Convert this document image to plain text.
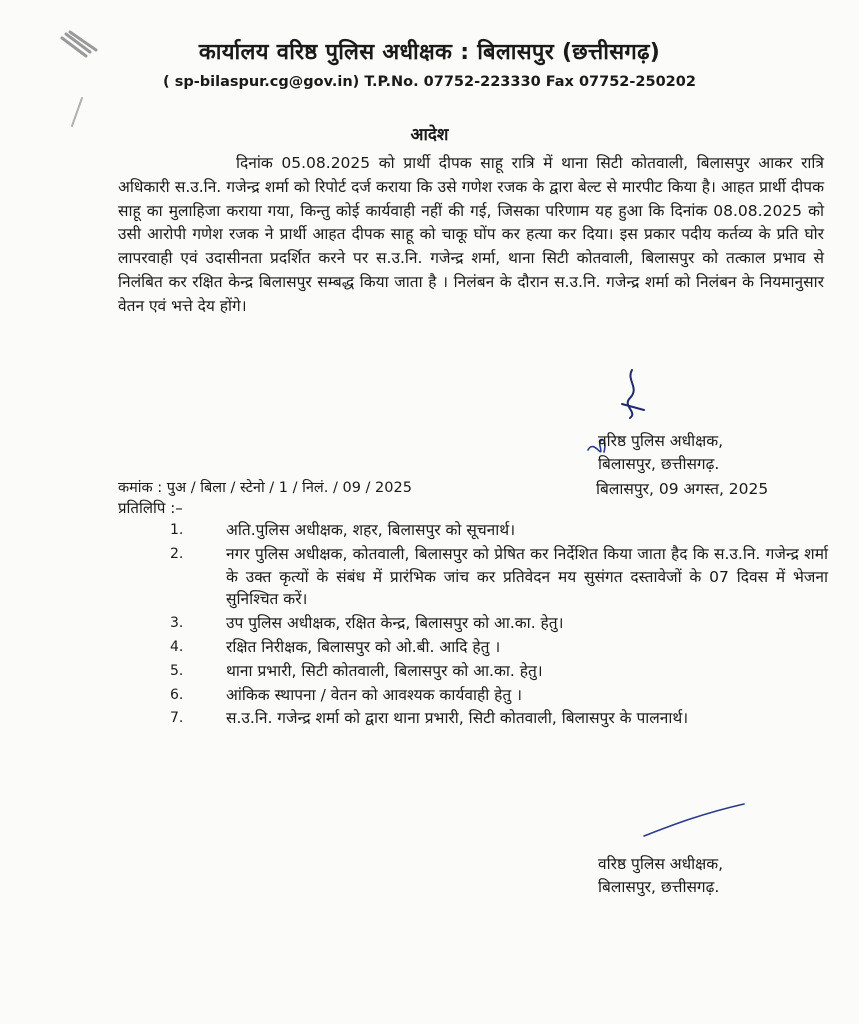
कार्यालय वरिष्ठ पुलिस अधीक्षक : बिलासपुर (छत्तीसगढ़)
( sp-bilaspur.cg@gov.in) T.P.No. 07752-223330 Fax 07752-250202
आदेश
दिनांक 05.08.2025 को प्रार्थी दीपक साहू रात्रि में थाना सिटी कोतवाली, बिलासपुर आकर रात्रि अधिकारी स.उ.नि. गजेन्द्र शर्मा को रिपोर्ट दर्ज कराया कि उसे गणेश रजक के द्वारा बेल्ट से मारपीट किया है। आहत प्रार्थी दीपक साहू का मुलाहिजा कराया गया, किन्तु कोई कार्यवाही नहीं की गई, जिसका परिणाम यह हुआ कि दिनांक 08.08.2025 को उसी आरोपी गणेश रजक ने प्रार्थी आहत दीपक साहू को चाकू घोंप कर हत्या कर दिया। इस प्रकार पदीय कर्तव्य के प्रति घोर लापरवाही एवं उदासीनता प्रदर्शित करने पर स.उ.नि. गजेन्द्र शर्मा, थाना सिटी कोतवाली, बिलासपुर को तत्काल प्रभाव से निलंबित कर रक्षित केन्द्र बिलासपुर सम्बद्ध किया जाता है । निलंबन के दौरान स.उ.नि. गजेन्द्र शर्मा को निलंबन के नियमानुसार वेतन एवं भत्ते देय होंगे।
वरिष्ठ पुलिस अधीक्षक,
बिलासपुर, छत्तीसगढ़.
कमांक : पुअ / बिला / स्टेनो / 1 / निलं. / 09 / 2025	बिलासपुर, 09 अगस्त, 2025
प्रतिलिपि :–
1.	अति.पुलिस अधीक्षक, शहर, बिलासपुर को सूचनार्थ।
2.	नगर पुलिस अधीक्षक, कोतवाली, बिलासपुर को प्रेषित कर निर्देशित किया जाता हैद कि स.उ.नि. गजेन्द्र शर्मा के उक्त कृत्यों के संबंध में प्रारंभिक जांच कर प्रतिवेदन मय सुसंगत दस्तावेजों के 07 दिवस में भेजना सुनिश्चित करें।
3.	उप पुलिस अधीक्षक, रक्षित केन्द्र, बिलासपुर को आ.का. हेतु।
4.	रक्षित निरीक्षक, बिलासपुर को ओ.बी. आदि हेतु ।
5.	थाना प्रभारी, सिटी कोतवाली, बिलासपुर को आ.का. हेतु।
6.	आंकिक स्थापना / वेतन को आवश्यक कार्यवाही हेतु ।
7.	स.उ.नि. गजेन्द्र शर्मा को द्वारा थाना प्रभारी, सिटी कोतवाली, बिलासपुर के पालनार्थ।
वरिष्ठ पुलिस अधीक्षक,
बिलासपुर, छत्तीसगढ़.
